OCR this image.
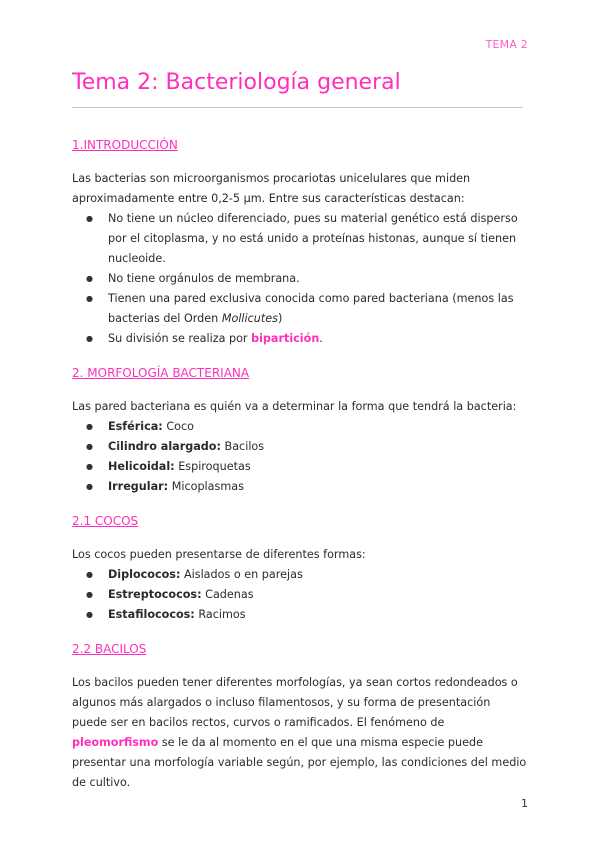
TEMA 2
Tema 2: Bacteriología general
1.INTRODUCCIÓN

Las bacterias son microorganismos procariotas unicelulares que miden aproximadamente entre 0,2-5 µm. Entre sus características destacan:

● No tiene un núcleo diferenciado, pues su material genético está disperso por el citoplasma, y no está unido a proteínas histonas, aunque sí tienen nucleoide.
● No tiene orgánulos de membrana.
● Tienen una pared exclusiva conocida como pared bacteriana (menos las bacterias del Orden Mollicutes)
● Su división se realiza por bipartición.
2. MORFOLOGÍA BACTERIANA

Las pared bacteriana es quién va a determinar la forma que tendrá la bacteria:

● Esférica: Coco
● Cilindro alargado: Bacilos
● Helicoidal: Espiroquetas
● Irregular: Micoplasmas
2.1 COCOS

Los cocos pueden presentarse de diferentes formas:

● Diplococos: Aislados o en parejas
● Estreptococos: Cadenas
● Estafilococos: Racimos
2.2 BACILOS

Los bacilos pueden tener diferentes morfologías, ya sean cortos redondeados o algunos más alargados o incluso filamentosos, y su forma de presentación puede ser en bacilos rectos, curvos o ramificados. El fenómeno de pleomorfismo se le da al momento en el que una misma especie puede presentar una morfología variable según, por ejemplo, las condiciones del medio de cultivo.

1
